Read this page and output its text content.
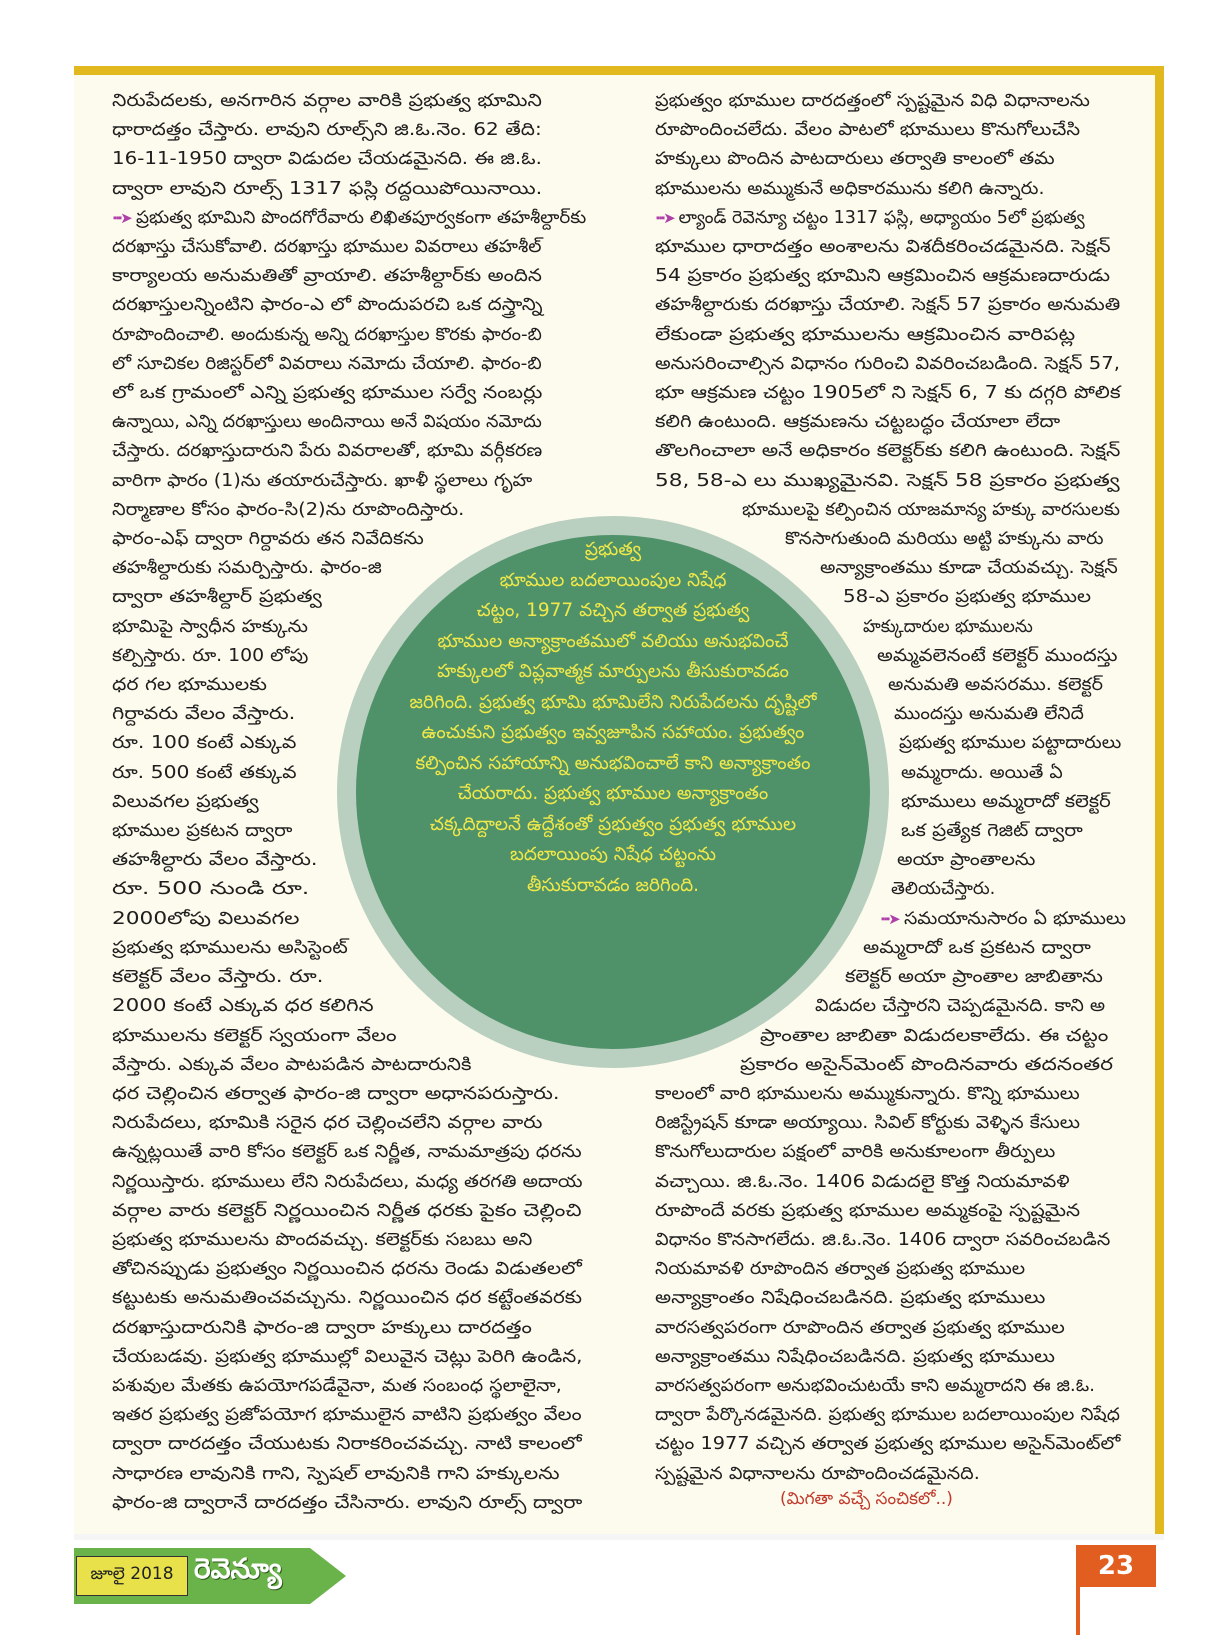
నిరుపేదలకు, అనగారిన వర్గాల వారికి ప్రభుత్వ భూమిని

ధారాదత్తం చేస్తారు. లావుని రూల్స్‌ని జి.ఓ.నెం. 62 తేది:

16-11-1950 ద్వారా విడుదల చేయడమైనది. ఈ జి.ఓ.

ద్వారా లావుని రూల్స్ 1317 ఫస్లి రద్దయిపోయినాయి.

∙∙∙➤ ప్రభుత్వ భూమిని పొందగోరేవారు లిఖితపూర్వకంగా తహశీల్దార్‌కు

దరఖాస్తు చేసుకోవాలి. దరఖాస్తు భూముల వివరాలు తహశీల్

కార్యాలయ అనుమతితో వ్రాయాలి. తహశీల్దార్‌కు అందిన

దరఖాస్తులన్నింటిని ఫారం-ఎ లో పొందుపరచి ఒక దస్త్రాన్ని

రూపొందించాలి. అందుకున్న అన్ని దరఖాస్తుల కొరకు ఫారం-బి

లో సూచికల రిజిస్టర్‌లో వివరాలు నమోదు చేయాలి. ఫారం-బి

లో ఒక గ్రామంలో ఎన్ని ప్రభుత్వ భూముల సర్వే నంబర్లు

ఉన్నాయి, ఎన్ని దరఖాస్తులు అందినాయి అనే విషయం నమోదు

చేస్తారు. దరఖాస్తుదారుని పేరు వివరాలతో, భూమి వర్గీకరణ

వారిగా ఫారం (1)ను తయారుచేస్తారు. ఖాళీ స్థలాలు గృహ

నిర్మాణాల కోసం ఫారం-సి(2)ను రూపొందిస్తారు.

ఫారం-ఎఫ్ ద్వారా గిర్దావరు తన నివేదికను

తహశీల్దారుకు సమర్పిస్తారు. ఫారం-జి

ద్వారా తహశీల్దార్ ప్రభుత్వ

భూమిపై స్వాధీన హక్కును

కల్పిస్తారు. రూ. 100 లోపు

ధర గల భూములకు

గిర్దావరు వేలం వేస్తారు.

రూ. 100 కంటే ఎక్కువ

రూ. 500 కంటే తక్కువ

విలువగల ప్రభుత్వ

భూముల ప్రకటన ద్వారా

తహశీల్దారు వేలం వేస్తారు.

రూ. 500 నుండి రూ.

2000లోపు విలువగల

ప్రభుత్వ భూములను అసిస్టెంట్

కలెక్టర్ వేలం వేస్తారు. రూ.

2000 కంటే ఎక్కువ ధర కలిగిన

భూములను కలెక్టర్ స్వయంగా వేలం

వేస్తారు. ఎక్కువ వేలం పాటపడిన పాటదారునికి

ధర చెల్లించిన తర్వాత ఫారం-జి ద్వారా అధానపరుస్తారు.

నిరుపేదలు, భూమికి సరైన ధర చెల్లించలేని వర్గాల వారు

ఉన్నట్లయితే వారి కోసం కలెక్టర్ ఒక నిర్ణీత, నామమాత్రపు ధరను

నిర్ణయిస్తారు. భూములు లేని నిరుపేదలు, మధ్య తరగతి అదాయ

వర్గాల వారు కలెక్టర్ నిర్ణయించిన నిర్ణీత ధరకు పైకం చెల్లించి

ప్రభుత్వ భూములను పొందవచ్చు. కలెక్టర్‌కు సబబు అని

తోచినప్పుడు ప్రభుత్వం నిర్ణయించిన ధరను రెండు విడుతలలో

కట్టుటకు అనుమతించవచ్చును. నిర్ణయించిన ధర కట్టేంతవరకు

దరఖాస్తుదారునికి ఫారం-జి ద్వారా హక్కులు దారదత్తం

చేయబడవు. ప్రభుత్వ భూముల్లో విలువైన చెట్లు పెరిగి ఉండిన,

పశువుల మేతకు ఉపయోగపడేవైనా, మత సంబంధ స్థలాలైనా,

ఇతర ప్రభుత్వ ప్రజోపయోగ భూములైన వాటిని ప్రభుత్వం వేలం

ద్వారా దారదత్తం చేయుటకు నిరాకరించవచ్చు. నాటి కాలంలో

సాధారణ లావునికి గాని, స్పెషల్ లావునికి గాని హక్కులను

ఫారం-జి ద్వారానే దారదత్తం చేసినారు. లావుని రూల్స్ ద్వారా

ప్రభుత్వం భూముల దారదత్తంలో స్పష్టమైన విధి విధానాలను

రూపొందించలేదు. వేలం పాటలో భూములు కొనుగోలుచేసి

హక్కులు పొందిన పాటదారులు తర్వాతి కాలంలో తమ

భూములను అమ్ముకునే అధికారమును కలిగి ఉన్నారు.

∙∙∙➤ ల్యాండ్ రెవెన్యూ చట్టం 1317 ఫస్లి, అధ్యాయం 5లో ప్రభుత్వ

భూముల ధారాదత్తం అంశాలను విశదీకరించడమైనది. సెక్షన్

54 ప్రకారం ప్రభుత్వ భూమిని ఆక్రమించిన ఆక్రమణదారుడు

తహశీల్దారుకు దరఖాస్తు చేయాలి. సెక్షన్ 57 ప్రకారం అనుమతి

లేకుండా ప్రభుత్వ భూములను ఆక్రమించిన వారిపట్ల

అనుసరించాల్సిన విధానం గురించి వివరించబడింది. సెక్షన్ 57,

భూ ఆక్రమణ చట్టం 1905లో ని సెక్షన్ 6, 7 కు దగ్గరి పోలిక

కలిగి ఉంటుంది. ఆక్రమణను చట్టబద్ధం చేయాలా లేదా

తొలగించాలా అనే అధికారం కలెక్టర్‌కు కలిగి ఉంటుంది. సెక్షన్

58, 58-ఎ లు ముఖ్యమైనవి. సెక్షన్ 58 ప్రకారం ప్రభుత్వ

భూములపై కల్పించిన యాజమాన్య హక్కు వారసులకు

కొనసాగుతుంది మరియు అట్టి హక్కును వారు

అన్యాక్రాంతము కూడా చేయవచ్చు. సెక్షన్

58-ఎ ప్రకారం ప్రభుత్వ భూముల

హక్కుదారుల భూములను

అమ్మవలెనంటే కలెక్టర్ ముందస్తు

అనుమతి అవసరము. కలెక్టర్

ముందస్తు అనుమతి లేనిదే

ప్రభుత్వ భూముల పట్టాదారులు

అమ్మరాదు. అయితే ఏ

భూములు అమ్మరాదో కలెక్టర్

ఒక ప్రత్యేక గెజిట్ ద్వారా

అయా ప్రాంతాలను

తెలియచేస్తారు.

∙∙∙➤ సమయానుసారం ఏ భూములు

అమ్మరాదో ఒక ప్రకటన ద్వారా

కలెక్టర్ అయా ప్రాంతాల జాబితాను

విడుదల చేస్తారని చెప్పడమైనది. కాని అ

ప్రాంతాల జాబితా విడుదలకాలేదు. ఈ చట్టం

ప్రకారం అసైన్‌మెంట్ పొందినవారు తదనంతర

కాలంలో వారి భూములను అమ్ముకున్నారు. కొన్ని భూములు

రిజిస్ట్రేషన్ కూడా అయ్యాయి. సివిల్ కోర్టుకు వెళ్ళిన కేసులు

కొనుగోలుదారుల పక్షంలో వారికి అనుకూలంగా తీర్పులు

వచ్చాయి. జి.ఓ.నెం. 1406 విడుదలై కొత్త నియమావళి

రూపొందే వరకు ప్రభుత్వ భూముల అమ్మకంపై స్పష్టమైన

విధానం కొనసాగలేదు. జి.ఓ.నెం. 1406 ద్వారా సవరించబడిన

నియమావళి రూపొందిన తర్వాత ప్రభుత్వ భూముల

అన్యాక్రాంతం నిషేధించబడినది. ప్రభుత్వ భూములు

వారసత్వపరంగా రూపొందిన తర్వాత ప్రభుత్వ భూముల

అన్యాక్రాంతము నిషేధించబడినది. ప్రభుత్వ భూములు

వారసత్వపరంగా అనుభవించుటయే కాని అమ్మరాదని ఈ జి.ఓ.

ద్వారా పేర్కొనడమైనది. ప్రభుత్వ భూముల బదలాయింపుల నిషేధ

చట్టం 1977 వచ్చిన తర్వాత ప్రభుత్వ భూముల అసైన్‌మెంట్‌లో

స్పష్టమైన విధానాలను రూపొందించడమైనది.

(మిగతా వచ్చే సంచికలో..)

ప్రభుత్వ

భూముల బదలాయింపుల నిషేధ

చట్టం, 1977 వచ్చిన తర్వాత ప్రభుత్వ

భూముల అన్యాక్రాంతములో వలియు అనుభవించే

హక్కులలో విప్లవాత్మక మార్పులను తీసుకురావడం

జరిగింది. ప్రభుత్వ భూమి భూమిలేని నిరుపేదలను దృష్టిలో

ఉంచుకుని ప్రభుత్వం ఇవ్వజూపిన సహాయం. ప్రభుత్వం

కల్పించిన సహాయాన్ని అనుభవించాలే కాని అన్యాక్రాంతం

చేయరాదు. ప్రభుత్వ భూముల అన్యాక్రాంతం

చక్కదిద్దాలనే ఉద్దేశంతో ప్రభుత్వం ప్రభుత్వ భూముల

బదలాయింపు నిషేధ చట్టంను

తీసుకురావడం జరిగింది.

జూలై 2018 రెవెన్యూ	23
